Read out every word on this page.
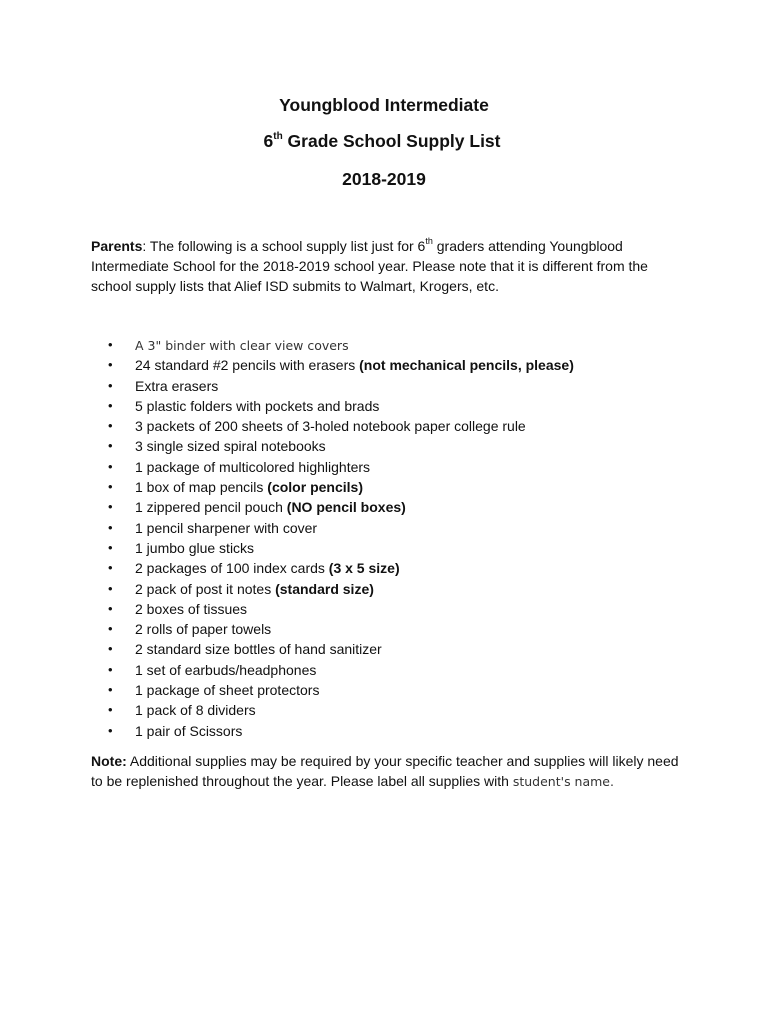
Youngblood Intermediate
6th Grade School Supply List
2018-2019

Parents: The following is a school supply list just for 6th graders attending Youngblood Intermediate School for the 2018-2019 school year. Please note that it is different from the school supply lists that Alief ISD submits to Walmart, Krogers, etc.

• A 3" binder with clear view covers
• 24 standard #2 pencils with erasers (not mechanical pencils, please)
• Extra erasers
• 5 plastic folders with pockets and brads
• 3 packets of 200 sheets of 3-holed notebook paper college rule
• 3 single sized spiral notebooks
• 1 package of multicolored highlighters
• 1 box of map pencils (color pencils)
• 1 zippered pencil pouch (NO pencil boxes)
• 1 pencil sharpener with cover
• 1 jumbo glue sticks
• 2 packages of 100 index cards (3 x 5 size)
• 2 pack of post it notes (standard size)
• 2 boxes of tissues
• 2 rolls of paper towels
• 2 standard size bottles of hand sanitizer
• 1 set of earbuds/headphones
• 1 package of sheet protectors
• 1 pack of 8 dividers
• 1 pair of Scissors

Note: Additional supplies may be required by your specific teacher and supplies will likely need to be replenished throughout the year. Please label all supplies with student's name.
